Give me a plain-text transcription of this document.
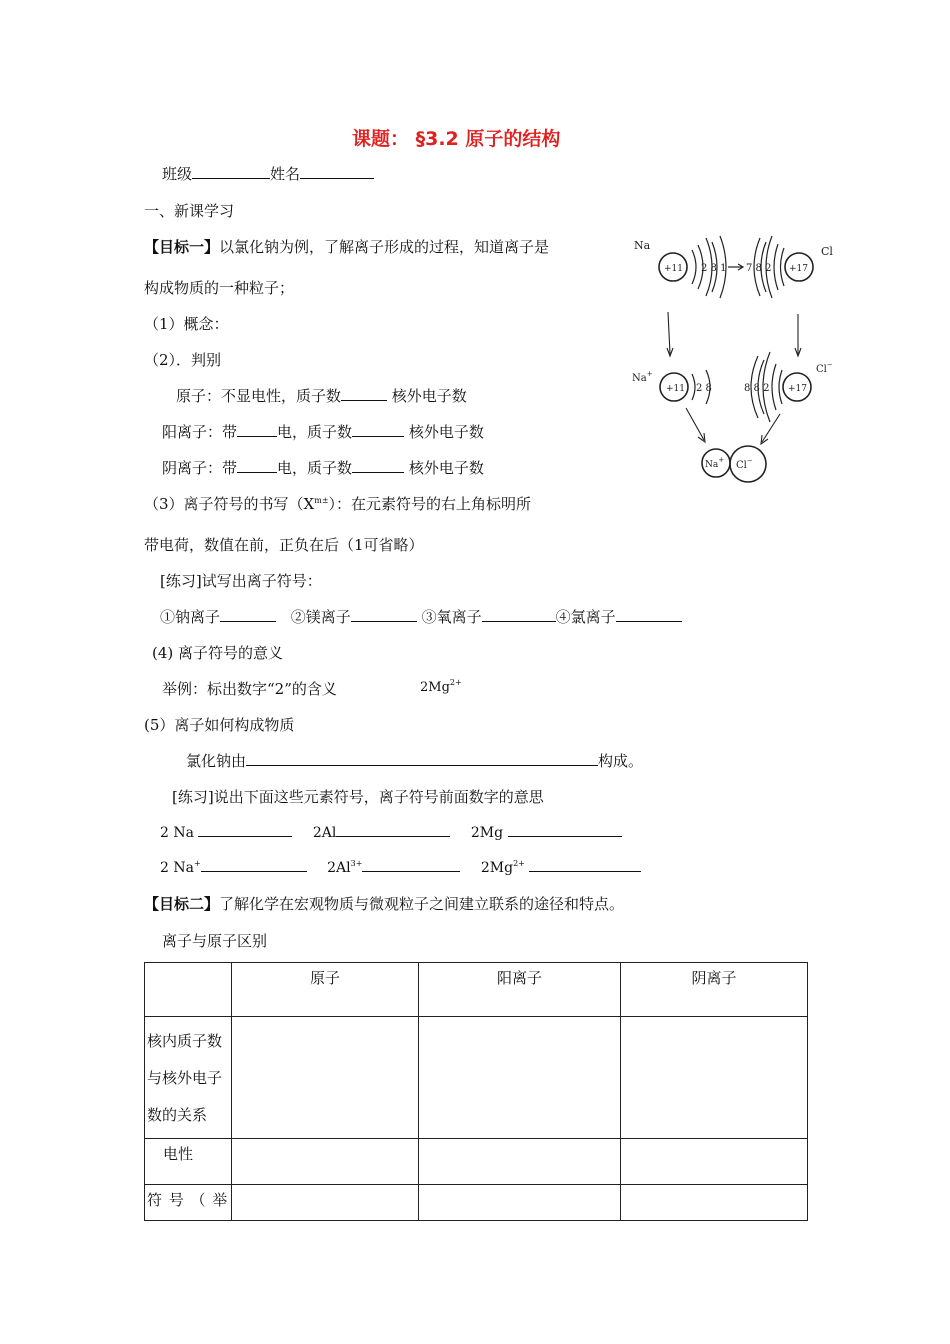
课题： §3.2 原子的结构
班级	姓名
一、新课学习
【目标一】以氯化钠为例，了解离子形成的过程，知道离子是
构成物质的一种粒子；
（1）概念：
（2）．判别
原子：不显电性，质子数	核外电子数
阳离子：带	电，质子数	核外电子数
阴离子：带	电，质子数	核外电子数
（3）离子符号的书写$(X^{m\pm})$：在元素符号的右上角标明所
带电荷，数值在前，正负在后（1可省略）
[练习]试写出离子符号：
①钠离子	②镁离子	③氧离子	④氯离子
(4) 离子符号的意义
举例：标出数字“2”的含义	$2Mg^{2+}$
(5）离子如何构成物质
氯化钠由	构成。
[练习]说出下面这些元素符号，离子符号前面数字的意思
2 Na	2Al	2Mg
2 Na+	$2Al^{3+}$	$2Mg^{2+}$
【目标二】了解化学在宏观物质与微观粒子之间建立联系的途径和特点。
离子与原子区别
	原子	阳离子	阴离子

核内质子数
与核外电子
数的关系			

电性			
符 号 （ 举			
Na	Cl
+11 2 8 1 7 8 2 +17
Na+
+11 2 8	8 8 2 +17
Cl−
Na+ Cl−
